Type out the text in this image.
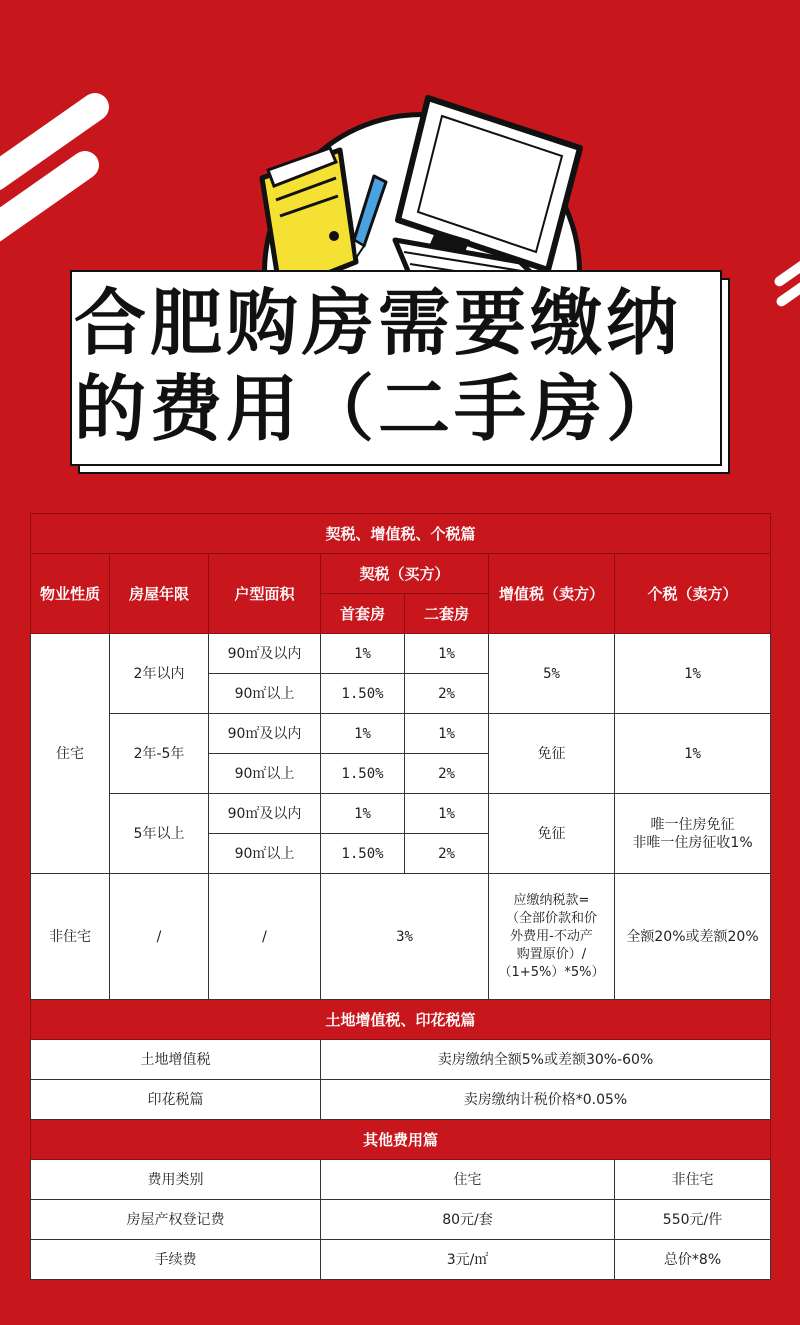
合肥购房需要缴纳
的费用（二手房）
契税、增值税、个税篇						
物业性质	房屋年限	户型面积	契税（买方）		增值税（卖方）	个税（卖方）
			首套房	二套房		
住宅	2年以内	90㎡及以内	1%	1%	5%	1%
		90㎡以上	1.50%	2%		
	2年-5年	90㎡及以内	1%	1%	免征	1%
		90㎡以上	1.50%	2%		
	5年以上	90㎡及以内	1%	1%	免征	唯一住房免征
非唯一住房征收1%

		90㎡以上	1.50%	2%		
非住宅	/	/	3%		应缴纳税款=
（全部价款和价
外费用-不动产
购置原价）/
（1+5%）*5%）	全额20%或差额20%
土地增值税、印花税篇						
土地增值税			卖房缴纳全额5%或差额30%-60%			
印花税篇			卖房缴纳计税价格*0.05%			
其他费用篇						
费用类别			住宅			非住宅
房屋产权登记费			80元/套			550元/件
手续费			3元/㎡			总价*8%
